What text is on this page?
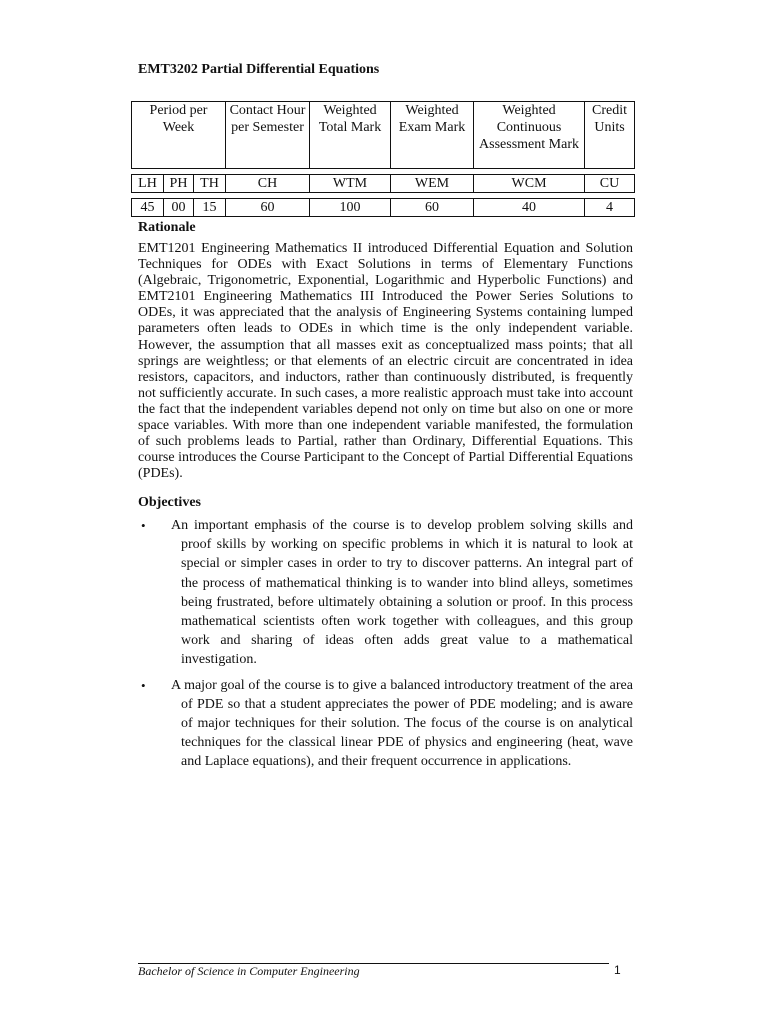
EMT3202 Partial Differential Equations
Period per Week			Contact Hour per Semester	Weighted Total Mark	Weighted Exam Mark	Weighted Continuous Assessment Mark	Credit Units

LH	PH	TH	CH	WTM	WEM	WCM	CU

45	00	15	60	100	60	40	4
Rationale

EMT1201 Engineering Mathematics II introduced Differential Equation and Solution Techniques for ODEs with Exact Solutions in terms of Elementary Functions (Algebraic, Trigonometric, Exponential, Logarithmic and Hyperbolic Functions) and EMT2101 Engineering Mathematics III Introduced the Power Series Solutions to ODEs, it was appreciated that the analysis of Engineering Systems containing lumped parameters often leads to ODEs in which time is the only independent variable. However, the assumption that all masses exit as conceptualized mass points; that all springs are weightless; or that elements of an electric circuit are concentrated in idea resistors, capacitors, and inductors, rather than continuously distributed, is frequently not sufficiently accurate. In such cases, a more realistic approach must take into account the fact that the independent variables depend not only on time but also on one or more space variables. With more than one independent variable manifested, the formulation of such problems leads to Partial, rather than Ordinary, Differential Equations. This course introduces the Course Participant to the Concept of Partial Differential Equations (PDEs).

Objectives
• An important emphasis of the course is to develop problem solving skills and proof skills by working on specific problems in which it is natural to look at special or simpler cases in order to try to discover patterns. An integral part of the process of mathematical thinking is to wander into blind alleys, sometimes being frustrated, before ultimately obtaining a solution or proof. In this process mathematical scientists often work together with colleagues, and this group work and sharing of ideas often adds great value to a mathematical investigation.
• A major goal of the course is to give a balanced introductory treatment of the area of PDE so that a student appreciates the power of PDE modeling; and is aware of major techniques for their solution. The focus of the course is on analytical techniques for the classical linear PDE of physics and engineering (heat, wave and Laplace equations), and their frequent occurrence in applications.
Bachelor of Science in Computer Engineering	1
